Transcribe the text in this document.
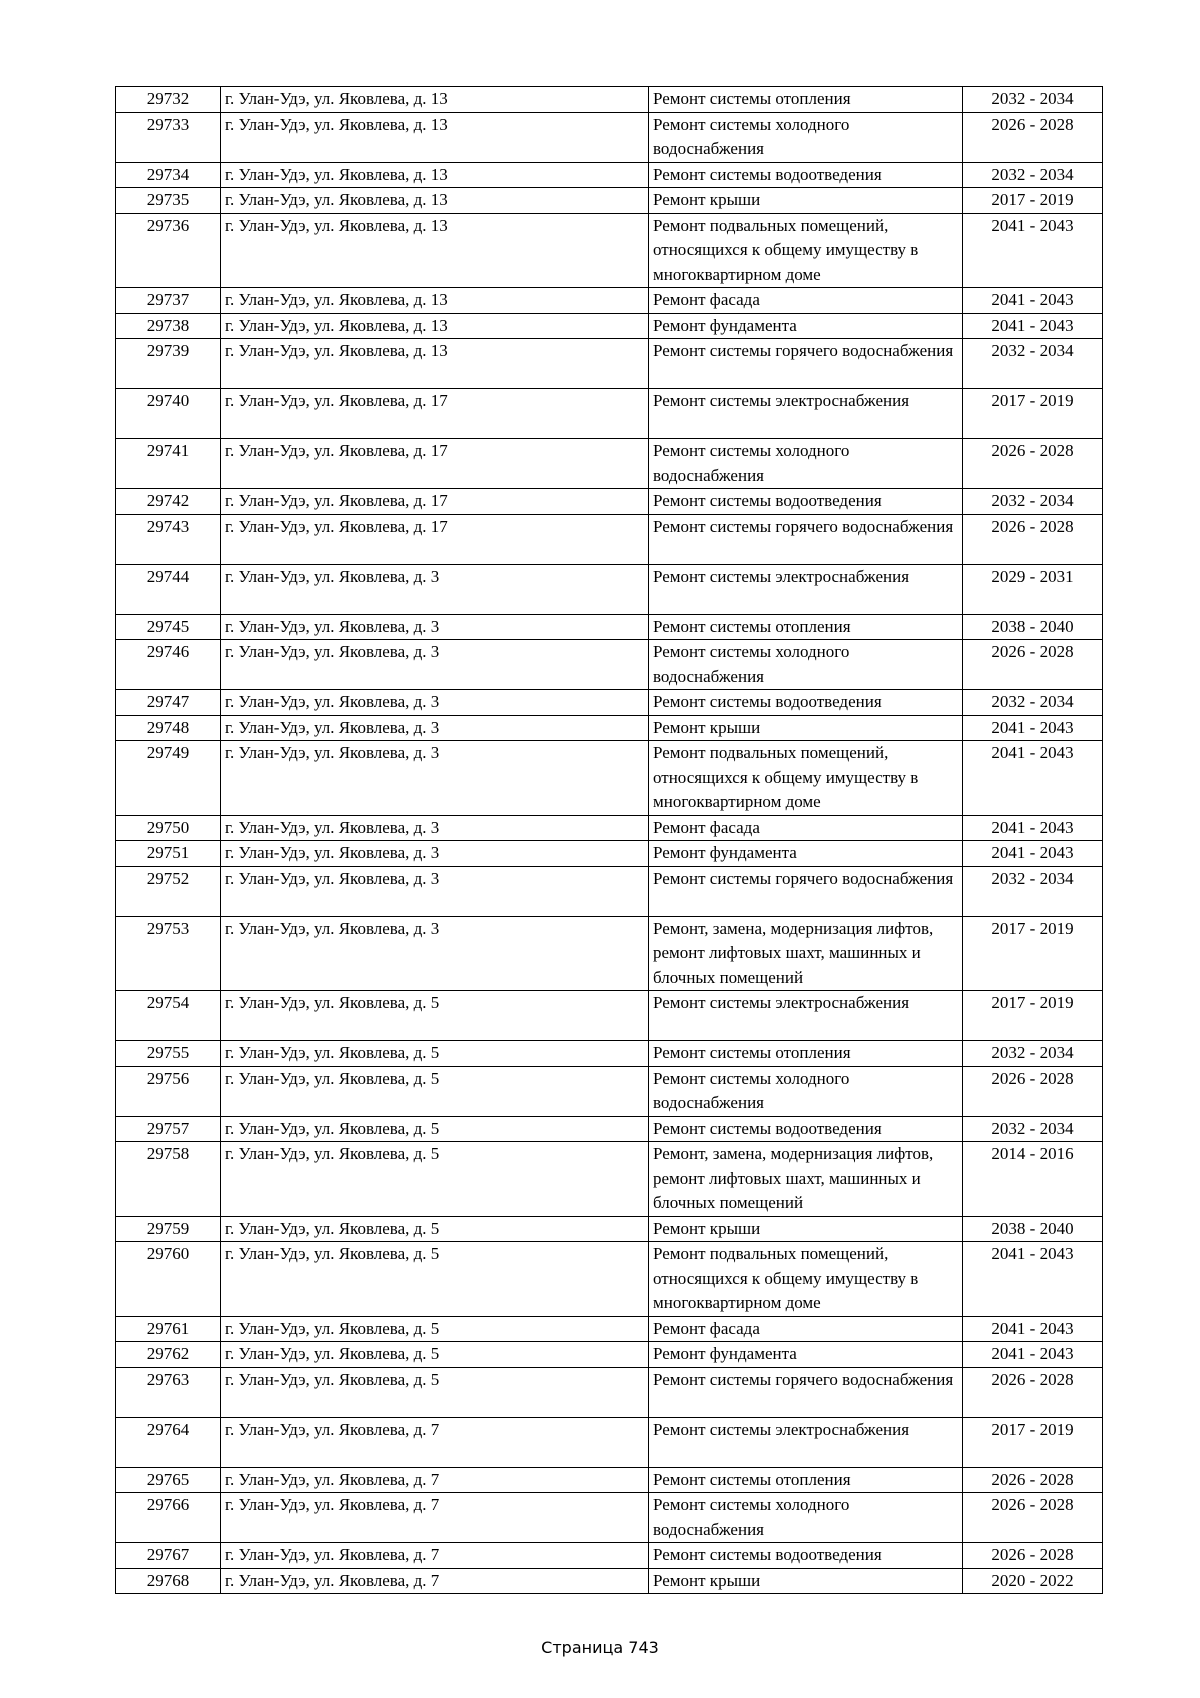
29732	г. Улан-Удэ, ул. Яковлева, д. 13	Ремонт системы отопления	2032 - 2034
29733	г. Улан-Удэ, ул. Яковлева, д. 13	Ремонт системы холодного водоснабжения	2026 - 2028
29734	г. Улан-Удэ, ул. Яковлева, д. 13	Ремонт системы водоотведения	2032 - 2034
29735	г. Улан-Удэ, ул. Яковлева, д. 13	Ремонт крыши	2017 - 2019
29736	г. Улан-Удэ, ул. Яковлева, д. 13	Ремонт подвальных помещений, относящихся к общему имуществу в многоквартирном доме	2041 - 2043
29737	г. Улан-Удэ, ул. Яковлева, д. 13	Ремонт фасада	2041 - 2043
29738	г. Улан-Удэ, ул. Яковлева, д. 13	Ремонт фундамента	2041 - 2043
29739	г. Улан-Удэ, ул. Яковлева, д. 13	Ремонт системы горячего водоснабжения	2032 - 2034
29740	г. Улан-Удэ, ул. Яковлева, д. 17	Ремонт системы электроснабжения	2017 - 2019
29741	г. Улан-Удэ, ул. Яковлева, д. 17	Ремонт системы холодного водоснабжения	2026 - 2028
29742	г. Улан-Удэ, ул. Яковлева, д. 17	Ремонт системы водоотведения	2032 - 2034
29743	г. Улан-Удэ, ул. Яковлева, д. 17	Ремонт системы горячего водоснабжения	2026 - 2028
29744	г. Улан-Удэ, ул. Яковлева, д. 3	Ремонт системы электроснабжения	2029 - 2031
29745	г. Улан-Удэ, ул. Яковлева, д. 3	Ремонт системы отопления	2038 - 2040
29746	г. Улан-Удэ, ул. Яковлева, д. 3	Ремонт системы холодного водоснабжения	2026 - 2028
29747	г. Улан-Удэ, ул. Яковлева, д. 3	Ремонт системы водоотведения	2032 - 2034
29748	г. Улан-Удэ, ул. Яковлева, д. 3	Ремонт крыши	2041 - 2043
29749	г. Улан-Удэ, ул. Яковлева, д. 3	Ремонт подвальных помещений, относящихся к общему имуществу в многоквартирном доме	2041 - 2043
29750	г. Улан-Удэ, ул. Яковлева, д. 3	Ремонт фасада	2041 - 2043
29751	г. Улан-Удэ, ул. Яковлева, д. 3	Ремонт фундамента	2041 - 2043
29752	г. Улан-Удэ, ул. Яковлева, д. 3	Ремонт системы горячего водоснабжения	2032 - 2034
29753	г. Улан-Удэ, ул. Яковлева, д. 3	Ремонт, замена, модернизация лифтов, ремонт лифтовых шахт, машинных и блочных помещений	2017 - 2019
29754	г. Улан-Удэ, ул. Яковлева, д. 5	Ремонт системы электроснабжения	2017 - 2019
29755	г. Улан-Удэ, ул. Яковлева, д. 5	Ремонт системы отопления	2032 - 2034
29756	г. Улан-Удэ, ул. Яковлева, д. 5	Ремонт системы холодного водоснабжения	2026 - 2028
29757	г. Улан-Удэ, ул. Яковлева, д. 5	Ремонт системы водоотведения	2032 - 2034
29758	г. Улан-Удэ, ул. Яковлева, д. 5	Ремонт, замена, модернизация лифтов, ремонт лифтовых шахт, машинных и блочных помещений	2014 - 2016
29759	г. Улан-Удэ, ул. Яковлева, д. 5	Ремонт крыши	2038 - 2040
29760	г. Улан-Удэ, ул. Яковлева, д. 5	Ремонт подвальных помещений, относящихся к общему имуществу в многоквартирном доме	2041 - 2043
29761	г. Улан-Удэ, ул. Яковлева, д. 5	Ремонт фасада	2041 - 2043
29762	г. Улан-Удэ, ул. Яковлева, д. 5	Ремонт фундамента	2041 - 2043
29763	г. Улан-Удэ, ул. Яковлева, д. 5	Ремонт системы горячего водоснабжения	2026 - 2028
29764	г. Улан-Удэ, ул. Яковлева, д. 7	Ремонт системы электроснабжения	2017 - 2019
29765	г. Улан-Удэ, ул. Яковлева, д. 7	Ремонт системы отопления	2026 - 2028
29766	г. Улан-Удэ, ул. Яковлева, д. 7	Ремонт системы холодного водоснабжения	2026 - 2028
29767	г. Улан-Удэ, ул. Яковлева, д. 7	Ремонт системы водоотведения	2026 - 2028
29768	г. Улан-Удэ, ул. Яковлева, д. 7	Ремонт крыши	2020 - 2022
Страница 743
